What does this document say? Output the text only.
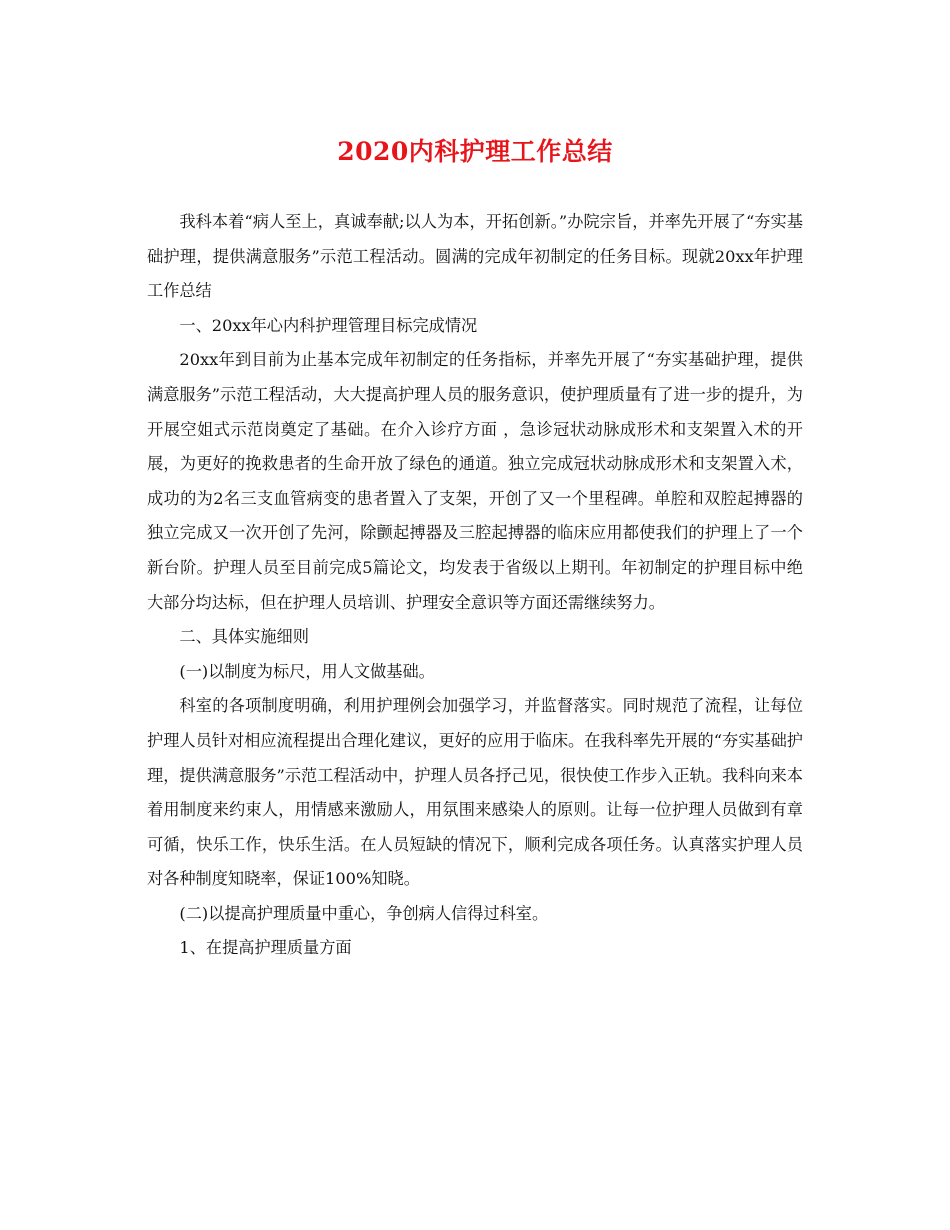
2020内科护理工作总结

我科本着“病人至上，真诚奉献;以人为本，开拓创新。”办院宗旨，并率先开展了“夯实基础护理，提供满意服务”示范工程活动。圆满的完成年初制定的任务目标。现就20xx年护理工作总结

一、20xx年心内科护理管理目标完成情况

20xx年到目前为止基本完成年初制定的任务指标，并率先开展了“夯实基础护理，提供满意服务”示范工程活动，大大提高护理人员的服务意识，使护理质量有了进一步的提升，为开展空姐式示范岗奠定了基础。在介入诊疗方面 ，急诊冠状动脉成形术和支架置入术的开展，为更好的挽救患者的生命开放了绿色的通道。独立完成冠状动脉成形术和支架置入术，成功的为2名三支血管病变的患者置入了支架，开创了又一个里程碑。单腔和双腔起搏器的独立完成又一次开创了先河，除颤起搏器及三腔起搏器的临床应用都使我们的护理上了一个新台阶。护理人员至目前完成5篇论文，均发表于省级以上期刊。年初制定的护理目标中绝大部分均达标，但在护理人员培训、护理安全意识等方面还需继续努力。

二、具体实施细则

(一)以制度为标尺，用人文做基础。

科室的各项制度明确，利用护理例会加强学习，并监督落实。同时规范了流程，让每位护理人员针对相应流程提出合理化建议，更好的应用于临床。在我科率先开展的“夯实基础护理，提供满意服务”示范工程活动中，护理人员各抒己见，很快使工作步入正轨。我科向来本着用制度来约束人，用情感来激励人，用氛围来感染人的原则。让每一位护理人员做到有章可循，快乐工作，快乐生活。在人员短缺的情况下，顺利完成各项任务。认真落实护理人员对各种制度知晓率，保证100%知晓。

(二)以提高护理质量中重心，争创病人信得过科室。

1、在提高护理质量方面
